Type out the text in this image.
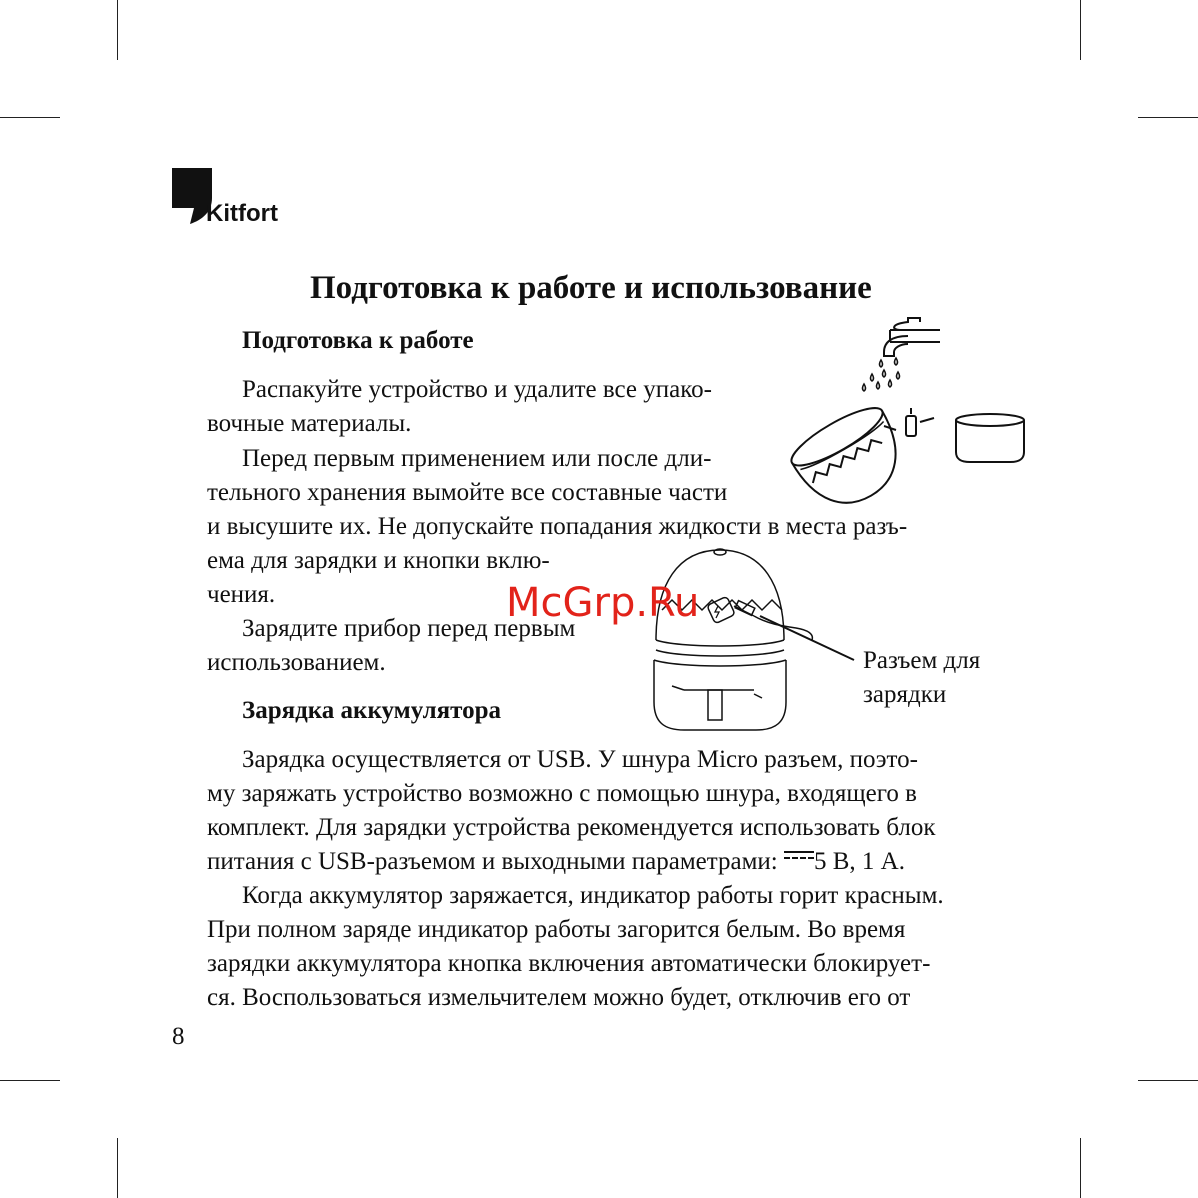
Kitfort
Подготовка к работе и использование
Подготовка к работе
Распакуйте устройство и удалите все упако-
вочные материалы.
Перед первым применением или после дли-
тельного хранения вымойте все составные части
и высушите их. Не допускайте попадания жидкости в места разъ-
ема для зарядки и кнопки вклю-
чения.
Зарядите прибор перед первым
использованием.	Разъем для
зарядки
McGrp.Ru
Зарядка аккумулятора
Зарядка осуществляется от USB. У шнура Micro разъем, поэто-
му заряжать устройство возможно с помощью шнура, входящего в
комплект. Для зарядки устройства рекомендуется использовать блок
питания с USB-разъемом и выходными параметрами:
5 В, 1 А.
Когда аккумулятор заряжается, индикатор работы горит красным.
При полном заряде индикатор работы загорится белым. Во время
зарядки аккумулятора кнопка включения автоматически блокирует-
ся. Воспользоваться измельчителем можно будет, отключив его от
8
